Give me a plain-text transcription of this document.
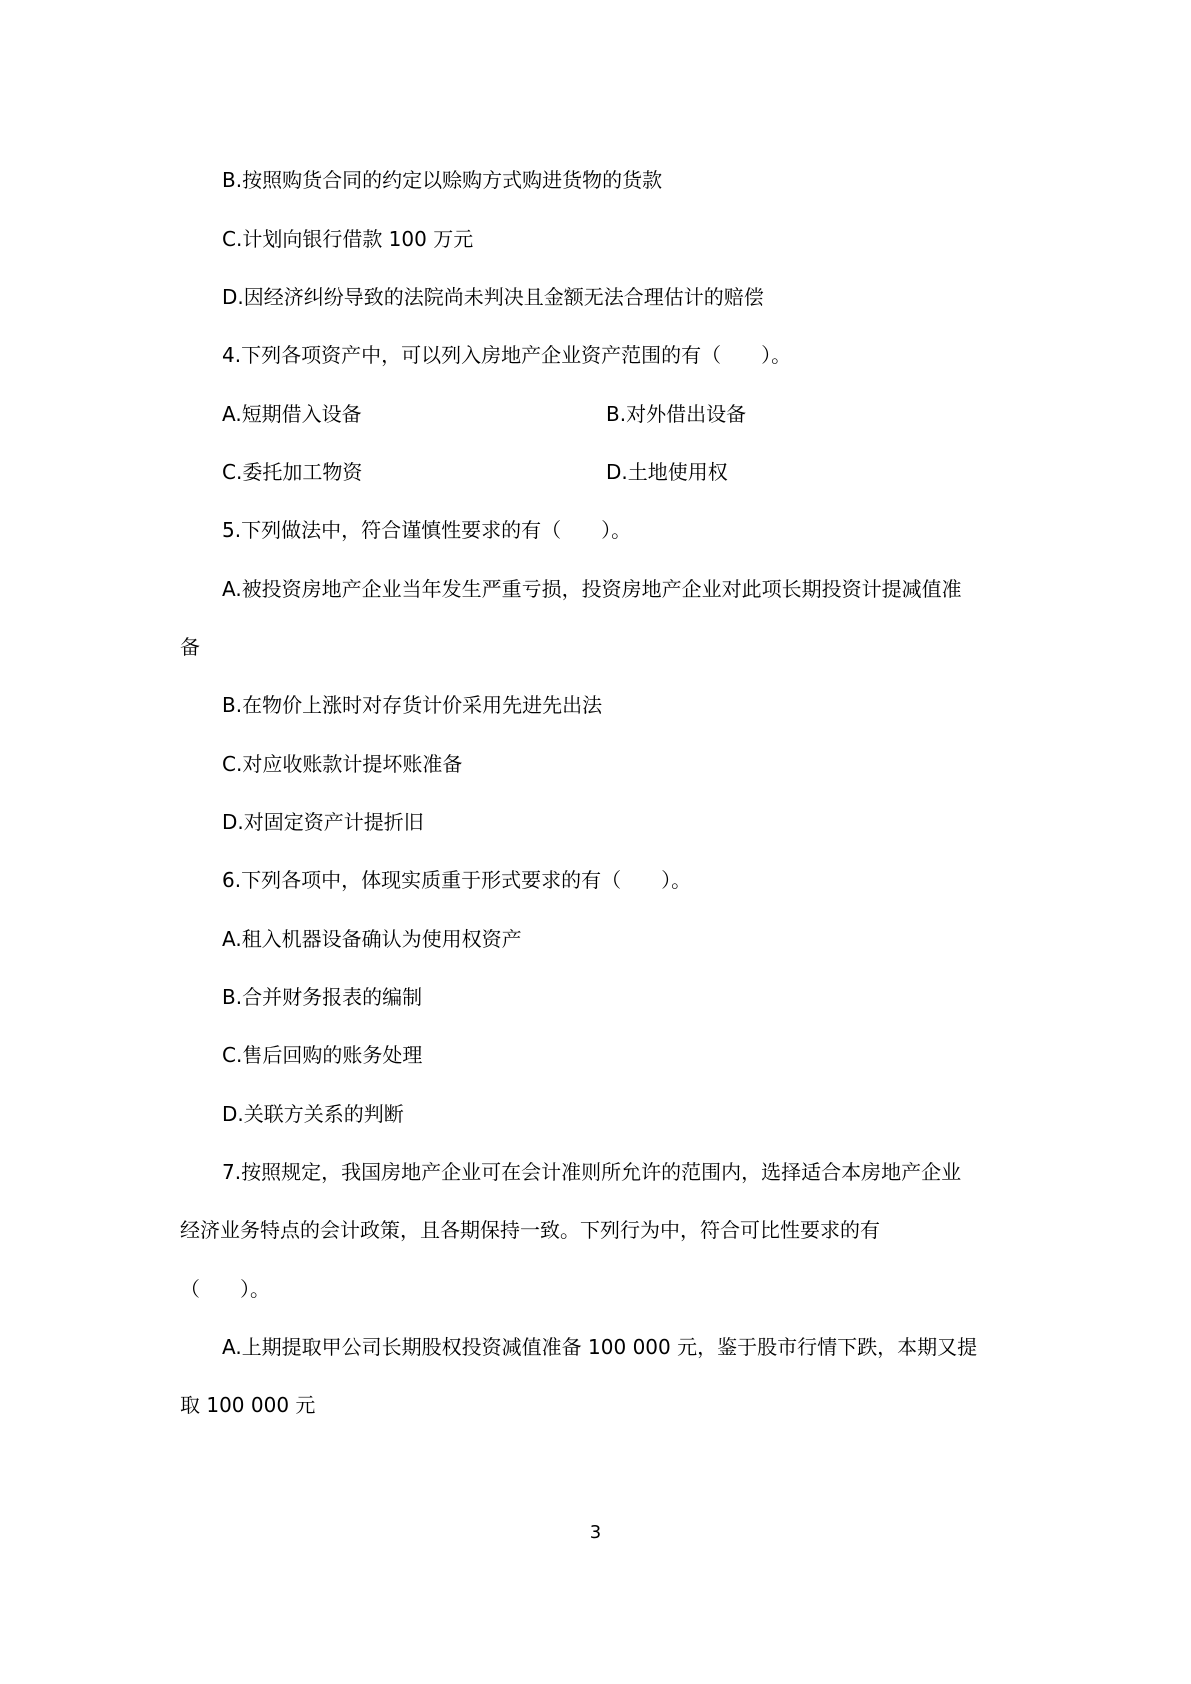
B.按照购货合同的约定以赊购方式购进货物的货款
C.计划向银行借款 100 万元
D.因经济纠纷导致的法院尚未判决且金额无法合理估计的赔偿
4.下列各项资产中，可以列入房地产企业资产范围的有（　　）。
A.短期借入设备	B.对外借出设备
C.委托加工物资	D.土地使用权
5.下列做法中，符合谨慎性要求的有（　　）。
A.被投资房地产企业当年发生严重亏损，投资房地产企业对此项长期投资计提减值准
备
B.在物价上涨时对存货计价采用先进先出法
C.对应收账款计提坏账准备
D.对固定资产计提折旧
6.下列各项中，体现实质重于形式要求的有（　　）。
A.租入机器设备确认为使用权资产
B.合并财务报表的编制
C.售后回购的账务处理
D.关联方关系的判断
7.按照规定，我国房地产企业可在会计准则所允许的范围内，选择适合本房地产企业
经济业务特点的会计政策，且各期保持一致。下列行为中，符合可比性要求的有
（　　）。
A.上期提取甲公司长期股权投资减值准备 100 000 元，鉴于股市行情下跌，本期又提
取 100 000 元
3
